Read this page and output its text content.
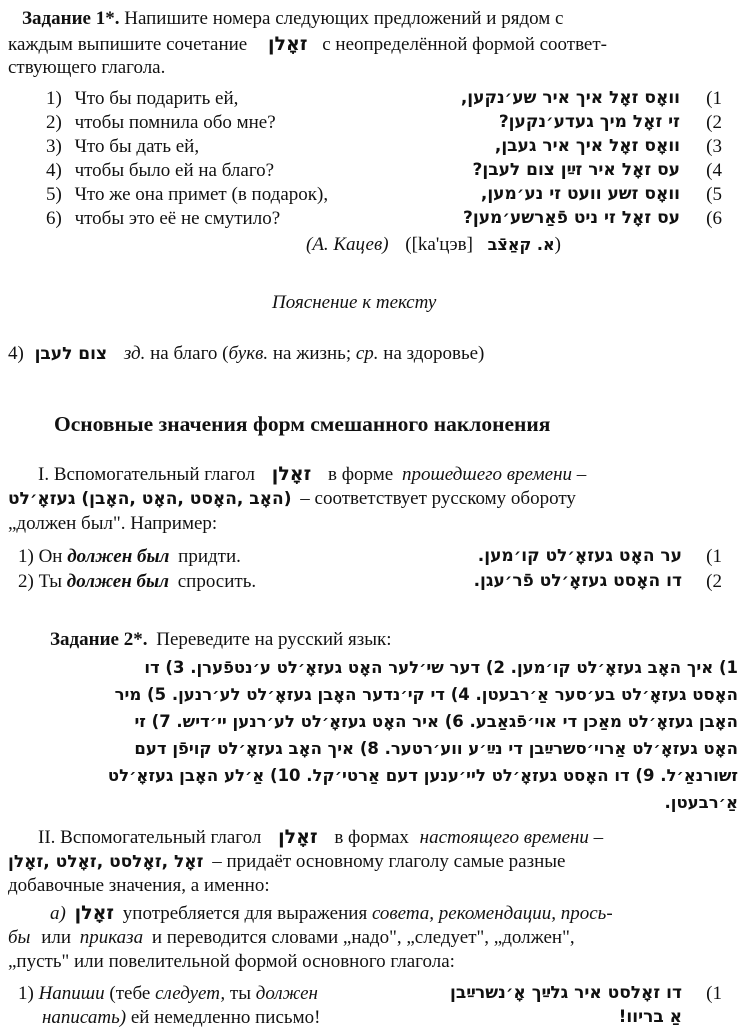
Задание 1*. Напишите номера следующих предложений и рядом с
каждым выпишите сочетание זאָלן с неопределённой формой соответ-
ствующего глагола.
1) Что бы подарить ей,	וואָס זאָל איך איר שע׳נקען, (1
2) чтобы помнила обо мне?	זי זאָל מיך געדע׳נקען? (2
3) Что бы дать ей,	וואָס זאָל איך איר געבן, (3
4) чтобы было ей на благо?	עס זאָל איר זײַן צום לעבן? (4
5) Что же она примет (в подарок),	וואָס זשע וועט זי נע׳מען, (5
6) чтобы это её не смутило?	עס זאָל זי ניט פֿאַרשע׳מען? (6
(А. Кацев) ([ka'цэв] א. קאַצֿב)
Пояснение к тексту
4) צום לעבן зд. на благо (букв. на жизнь; ср. на здоровье)
Основные значения форм смешанного наклонения
I. Вспомогательный глагол זאָלן в форме прошедшего времени –
(האָב ,האָסט ,האָט ,האָבן) געזאָ׳לט – соответствует русскому обороту
„должен был". Например:
1) Он должен был придти.	ער האָט געזאָ׳לט קו׳מען. (1
2) Ты должен был спросить.	דו האָסט געזאָ׳לט פֿר׳עגן. (2
Задание 2*. Переведите на русский язык:
1) איך האָב געזאָ׳לט קו׳מען. 2) דער שי׳לער האָט געזאָ׳לט ע׳נטפֿערן. 3) דו
האָסט געזאָ׳לט בע׳סער אַ׳רבעטן. 4) די קי׳נדער האָבן געזאָ׳לט לע׳רנען. 5) מיר
האָבן געזאָ׳לט מאַכן די אוי׳פֿגאַבע. 6) איר האָט געזאָ׳לט לע׳רנען יי׳דיש. 7) זי
האָט געזאָ׳לט אַרוי׳סשרײַבן די נײַ׳ע ווע׳רטער. 8) איך האָב געזאָ׳לט קויפֿן דעם
זשורנאַ׳ל. 9) דו האָסט געזאָ׳לט ליי׳ענען דעם אַרטי׳קל. 10) אַ׳לע האָבן געזאָ׳לט
אַ׳רבעטן.
II. Вспомогательный глагол זאָלן в формах настоящего времени –
זאָל ,זאָלסט ,זאָלט ,זאָלן – придаёт основному глаголу самые разные
добавочные значения, а именно:
а) זאָלן употребляется для выражения совета, рекомендации, прось-
бы или приказа и переводится словами „надо", „следует", „должен",
„пусть" или повелительной формой основного глагола:
1) Напиши (тебе следует, ты должен
написать) ей немедленно письмо!
דו זאָלסט איר גלײַך אָ׳נשרײַבן
אַ בריוו!
(1
